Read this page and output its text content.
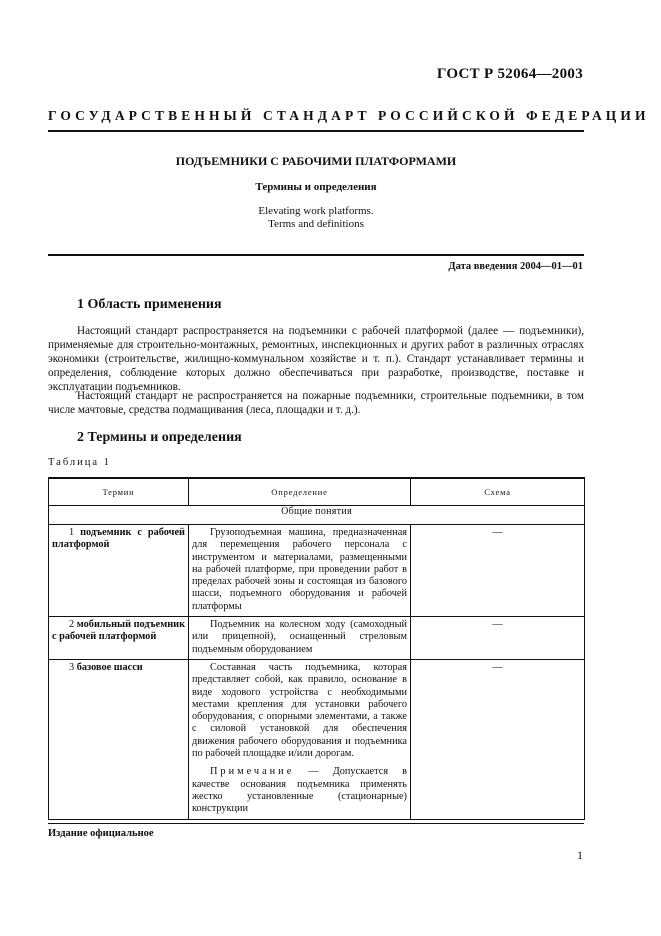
ГОСТ Р 52064—2003
ГОСУДАРСТВЕННЫЙ СТАНДАРТ РОССИЙСКОЙ ФЕДЕРАЦИИ
ПОДЪЕМНИКИ С РАБОЧИМИ ПЛАТФОРМАМИ
Термины и определения
Elevating work platforms.
Terms and definitions
Дата введения 2004—01—01
1 Область применения
Настоящий стандарт распространяется на подъемники с рабочей платформой (далее — подъемники), применяемые для строительно-монтажных, ремонтных, инспекционных и других работ в различных отраслях экономики (строительстве, жилищно-коммунальном хозяйстве и т. п.). Стандарт устанавливает термины и определения, соблюдение которых должно обеспечиваться при разработке, производстве, поставке и эксплуатации подъемников.
Настоящий стандарт не распространяется на пожарные подъемники, строительные подъемники, в том числе мачтовые, средства подмащивания (леса, площадки и т. д.).
2 Термины и определения
Таблица 1
Термин	Определение	Схема
Общие понятия		
1 подъемник с рабочей платформой	Грузоподъемная машина, предназначенная для перемещения рабочего персонала с инструментом и материалами, размещенными на рабочей платформе, при проведении работ в пределах рабочей зоны и состоящая из базового шасси, подъемного оборудования и рабочей платформы	—
2 мобильный подъемник с рабочей платформой	Подъемник на колесном ходу (самоходный или прицепной), оснащенный стреловым подъемным оборудованием	—
3 базовое шасси	Составная часть подъемника, которая представляет собой, как правило, основание в виде ходового устройства с необходимыми местами крепления для установки рабочего оборудования, с опорными элементами, а также с силовой установкой для обеспечения движения рабочего оборудования и подъемника по рабочей площадке и/или дорогам.

Примечание — Допускается в качестве основания подъемника применять жестко установленные (стационарные) конструкции	—
Издание официальное
1
